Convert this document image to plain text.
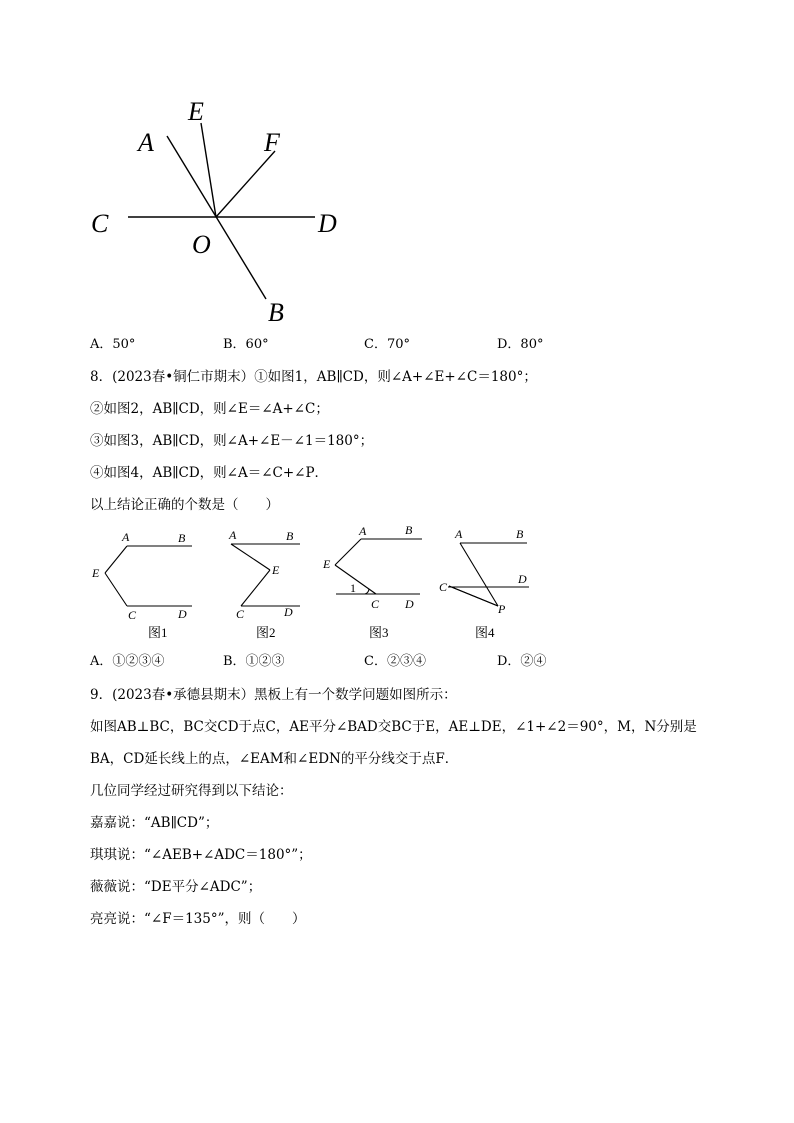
A
E
F
C
O
D
B
A．50°	B．60°	C．70°	D．80°
8．(2023春•铜仁市期末）①如图1，AB∥CD，则∠A+∠E+∠C＝180°；
②如图2，AB∥CD，则∠E＝∠A+∠C；
③如图3，AB∥CD，则∠A+∠E－∠1＝180°；
④如图4，AB∥CD，则∠A＝∠C+∠P．
以上结论正确的个数是（　　）
A	B
E
C	D
A	B
E
C	D
A	B
E
1
C D
A	B
C
D
P
图1	图2	图3	图4
A．①②③④	B．①②③	C．②③④	D．②④
9．(2023春•承德县期末）黑板上有一个数学问题如图所示：
如图AB⊥BC，BC交CD于点C，AE平分∠BAD交BC于E，AE⊥DE，∠1+∠2＝90°，M，N分别是
BA，CD延长线上的点，∠EAM和∠EDN的平分线交于点F．
几位同学经过研究得到以下结论：
嘉嘉说：“AB∥CD”；
琪琪说：“∠AEB+∠ADC＝180°”；
薇薇说：“DE平分∠ADC”；
亮亮说：“∠F＝135°”，则（　　）
